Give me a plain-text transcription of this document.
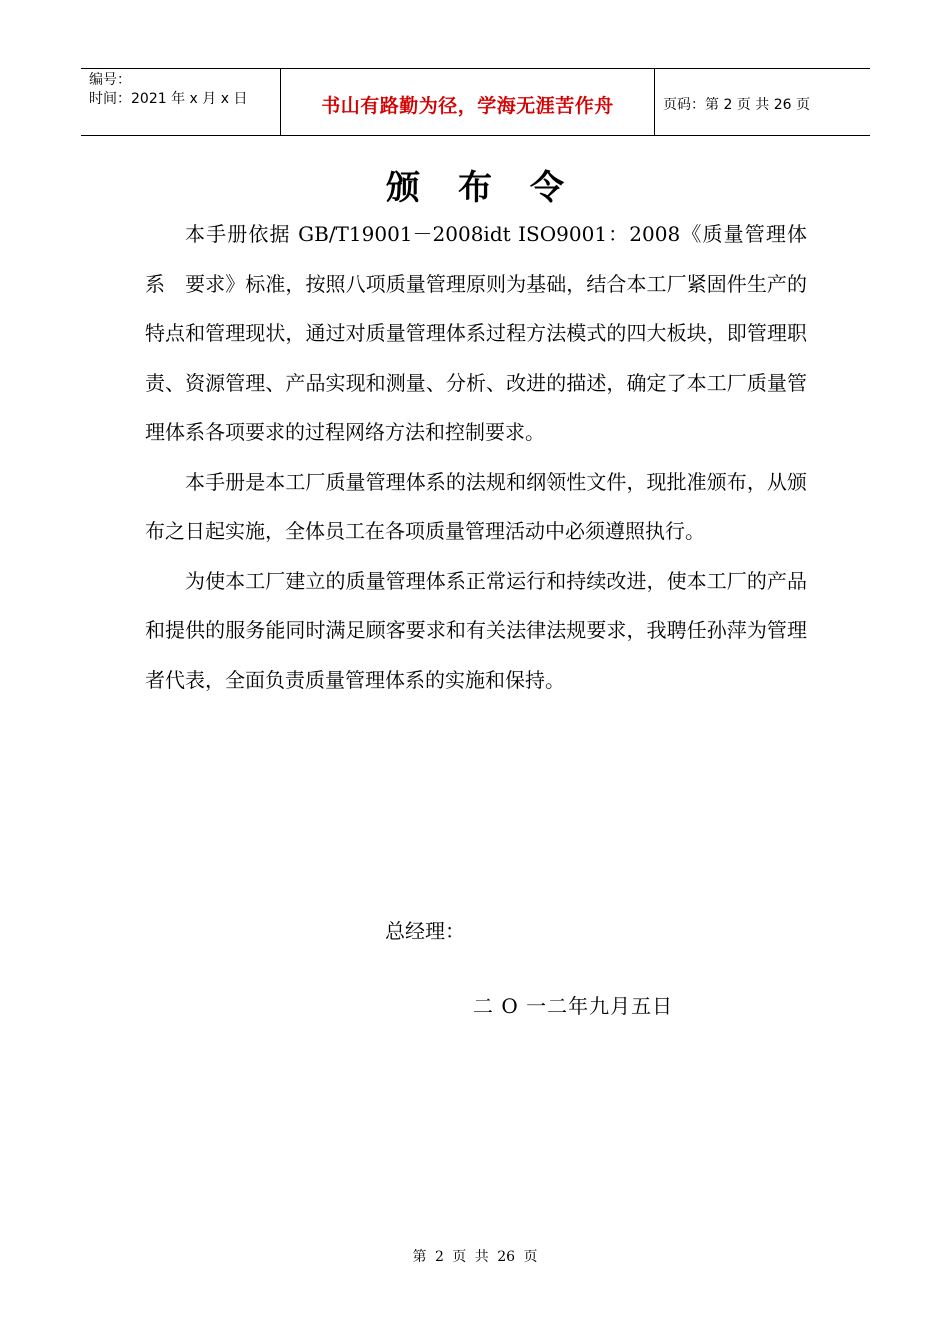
编号：
时间：2021 年 x 月 x 日	书山有路勤为径，学海无涯苦作舟	页码：第 2 页 共 26 页
颁布令

本手册依据 GB/T19001－2008idt ISO9001：2008《质量管理体系　要求》标准，按照八项质量管理原则为基础，结合本工厂紧固件生产的特点和管理现状，通过对质量管理体系过程方法模式的四大板块，即管理职责、资源管理、产品实现和测量、分析、改进的描述，确定了本工厂质量管理体系各项要求的过程网络方法和控制要求。

本手册是本工厂质量管理体系的法规和纲领性文件，现批准颁布，从颁布之日起实施，全体员工在各项质量管理活动中必须遵照执行。

为使本工厂建立的质量管理体系正常运行和持续改进，使本工厂的产品和提供的服务能同时满足顾客要求和有关法律法规要求，我聘任孙萍为管理者代表，全面负责质量管理体系的实施和保持。

总经理：
二 O 一二年九月五日
第 2 页 共 26 页
